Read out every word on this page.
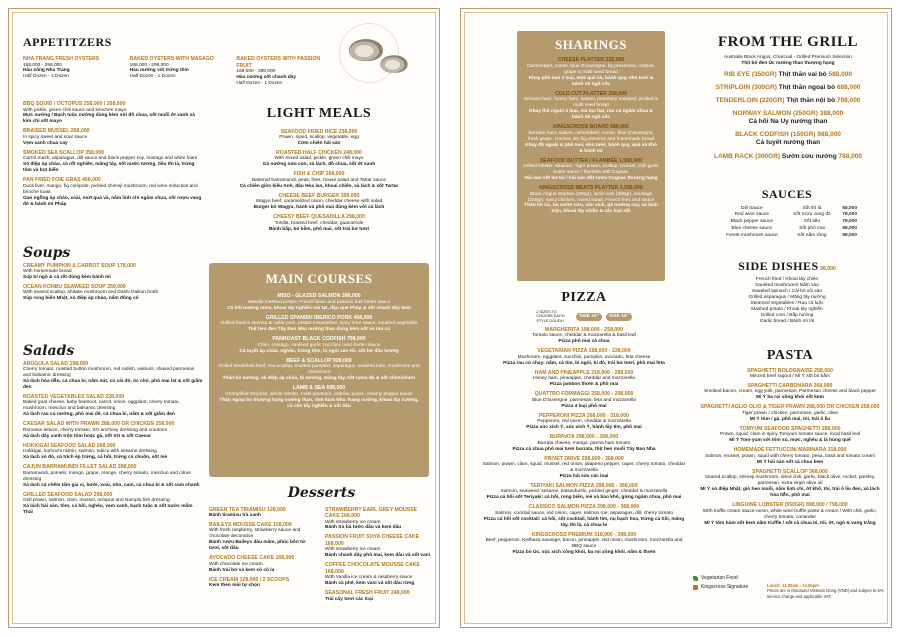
APPETITZERS
NHA TRANG FRESH OYSTERS
168,000 - 298,000
Hàu sống Nha Trang
Half Dozen - 1 Dozen
BAKED OYSTERS WITH MASAGO
168,000 - 298,000
Hàu nướng với trứng tôm
Half Dozen - 1 Dozen
BAKED OYSTERS WITH PASSION FRUIT
168,000 - 298,000
Hàu nướng sốt chanh dây
Half Dozen - 1 Dozen
BBQ SQUID / OCTOPUS 258,000 / 268,000
With pickle, green chili sauce and kimchee mayo
Mực nướng / Bạch tuộc nướng dùng kèm với đồ chua, sốt muối ớt xanh và kim chi sốt mayo
BRAISED MUSSEL 268,000
In spicy sweet and sour sauce
Vẹm xanh chua cay
SMOKED SEA SCALLOP 358,000
Carrot mash, asparagus, dill sauce and black pepper soy, masago and white foam
Sò điệp áp chảo, cà rốt nghiền, măng tây, sốt nước tương, tiêu thì là, trứng tôm và bọt biển
PAN FRIED FOIE GRAS 458,000
Duck liver, mango, fig compote, pickled shimeji mushroom, red wine reduction and brioche toast
Gan ngỗng áp chảo, xoài, mứt quả vả, nấm linh chi ngâm chua, sốt rượu vang đỏ & bánh mì Pháp
LIGHT MEALS
SEAFOOD FRIED RICE 238,000
Prawn, squid, scallop, vegetable, egg
Cơm chiên hải sản
ROASTED HALF CHICKEN 248,000
With mixed salad, pickle, green chili mayo
Gà nướng nửa con, xà lách, đồ chua, sốt ớt xanh
FISH & CHIP 268,000
Battered barramundi, peas, fries, house salad and Tartar sauce
Cá chiên giòn kiểu Anh, đậu Hòa lan, khoai chiên, xà lách & sốt Tartar
CHEESE BEEF BURGER 358,000
Wagyu beef, caramelized onion, cheddar cheese with salad
Burger bò Wagyu, hành và phô mai dùng kèm với xà lách
CHEESY BEEF QUESADILLA 298,000
Tortilla, braised beef, cheddar, guacamole
Bánh bắp, bò bằm, phô mai, sốt trái bơ tươi
Soups
CREAMY PUMPKIN & CARROT SOUP 178,000
With homemade bread
Súp bí ngô & cà rốt dùng kèm bánh mì
OCEAN KONBU SEAWEED SOUP 258,000
With seared scallop, shitake mushroom and Dashi Daikon broth
Súp rong biển Nhật, sò điệp áp chảo, nấm đông cô
Salads
ARUGULA SALAD 198,000
Cherry tomato, roasted button mushroom, red radish, walnuts, shaved parmesan and balsamic dressing
Xà lách hỏa tiễn, cà chua bi, nấm nút, củ cải đỏ, óc chó, phô mai lát & sốt giấm đen
ROASTED VEGETABLES SALAD 228,000
Baked goat cheese, baby beetroot, carrot, onion, eggplant, cherry tomato, mushroom, mesclun and balsamic dressing
Xà lách rau củ nướng, phô mai dê, cà chua bi, nấm & sốt giấm đen
CAESAR SALAD WITH PRAWN 288,000 OR CHICKEN 258,000
Romaine lettuce, cherry tomato, XO anchovy dressing and croutons
Xà lách dây xanh trộn tôm hoặc gà, sốt XO & sốt Caesar
HOKKIGAI SEAFOOD SALAD 268,000
Hokkigai, komochi nishin, salmon, tobico with sesame dressing
Xà lách sò đỏ, cá trích ép trứng, cá hồi, trứng cá chuồn, sốt mè
CAJUN BARRAMUNDI FILLET SALAD 288,000
Barramundi, pomelo, mango, grape, orange, cherry tomato, mesclun and citrus dressing
Xà lách cá chẽm tẩm gia vị, bưởi, xoài, nho, cam, cà chua bi & sốt cam chanh
GRILLED SEAFOOD SALAD 298,000
Grill prawn, salmon, clam, mussel, octopus and Nampla fish dressing
Xà lách hải sản, tôm, cá hồi, nghêu, vẹm xanh, bạch tuộc & sốt nước mắm Thái
MAIN COURSES
MISO - GLAZED SALMON 398,000
Wasabi mashed potato, French bean and passion fruit butter sauce
Cá hồi nướng miso, khoai tây nghiền mù tạt, đậu que Pháp & sốt chanh dây kem
GRILLED SPANISH IBERICO PORK 458,000
Grilled Iberico secreto & collar pork, potato mousseline, spicy sour sauce, sautéed vegetable
Thịt heo đen Tây Ban Nha nướng than dùng kèm sốt và rau củ
PANROAST BLACK CODFISH 798,000
Clam, masago, sautéed garlic zucchini, miso butter sauce
Cá tuyết áp chảo, nghêu, trứng tôm, bí ngòi xào tỏi, sốt bơ đậu tương
BEEF & SCALLOP 928,000
Grilled tenderloin beef, sea scallop, roasted pumpkin, asparagus, sautéed kale, mushroom and chimichurri
Thăn bò nướng, sò điệp áp chảo, bí nướng, măng tây, sốt rượu đỏ & sốt chimichurri
LAMB & SEA 698,000
Chargrilled Striploin, whole lobster, roast potatoes, celeriac puree, creamy pepper sauce
Thăn ngoại bò thượng hạng nướng than, tôm hùm Nha Trang nướng, khoai tây nướng, củ cần tây nghiền & sốt tiêu
Desserts
GREEN TEA TIRAMISU 128,000
Bánh tiramisu trà xanh
BAILEYS MOUSSE CAKE 158,000
With fresh raspberry, strawberry sauce and chocolate decoration
Bánh rượu Baileys dâu mâm, phúc bồn tử tươi, sốt dâu
AVOCADO CHEESE CAKE 168,000
With chocolate ice cream
Bánh trái bơ và kem sô cô la
ICE CREAM 128,000 / 2 SCOOPS
Kem theo mùi tự chọn
STRAWBERRY EARL GREY MOUSSE CAKE 168,000
With strawberry ice cream
Bánh trà bá tước dâu và kem dâu
PASSION FRUIT SOYA CHEESE CAKE 168,000
With strawberry ice cream
Bánh chanh dây phô mai, kem dâu và sốt vani
COFFEE CHOCOLATE MOUSSE CAKE 168,000
With Vanilla ice cream & raspberry sauce
Bánh cà phê, kem vani và sốt dâu rừng
SEASONAL FRESH FRUIT 248,000
Trái cây tươi các loại
SHARINGS
CHEESE PLATTER 328,000
Camembert, comte, blue D'auvergne, fig preserved, cracker, grape & multi seed bread
Khay phô mai 3 loại, mứt quả vả, bánh quy, nho tươi & bánh mì ngũ cốc
COLD CUT PLATTER 358,000
Serrano ham, honey ham, salami, pommery mustard, pickled & multi seed bread
Khay thịt nguội 3 loại, mù tạc hạt, rau củ ngâm chua & bánh mì ngũ cốc
KINGSCROSS BOARD 588,000
Serrano ham, salami, camembert, comte, blue D'auvergne, fresh grape, cracker, dry fig preserve and homemade bread
Khay đồ nguội & phô mai, nho tươi, bánh quy, quả vả khô & bánh mì
SEAFOOD BUTTER / FLAMBÉE 1,588,000
Grilled lobster, abalone, Tiger prawn, scallop, mussel, chili garlic butter sauce / flambée with Cognac
Hải sản sốt bơ tỏi / hải sản đốt rượu Cognac thượng hạng
KINGSCROSS MEATS PLATTER 1,598,000
Black Angus striploin (300gr), lamb rack (300gr), sausage (200gr), spicy chicken, mixed salad, French fries and sauce
Thăn bò Úc, ba sườn cừu, xúc xích, gà nướng cay, xà lách trộn, khoai tây chiên & các loại sốt
PIZZA
2 SIZES TO CHOOSE EACH STYLE DOUGH
SIZE 10"	SIZE 14"
MARGHERITA 198,000 - 258,000
Tomato sauce, cheddar & mozzarella & basil leaf
Pizza phô mai cà chua
VEGETARIAN PIZZA 198,000 - 238,000
Mushroom, eggplant, zucchini, pumpkin, avocado, feta cheese
Pizza rau củ chay: nấm, cà tím, bí ngòi, bí đỏ, trái bơ tươi, phô mai feta
HAM AND PINEAPPLE 218,000 - 298,000
Honey ham, pineapple, cheddar and mozzarella
Pizza jambon thơm & phô mai
QUATTRO FORMAGGI 258,000 - 298,000
Blue D'auvergne, parmesan, feta and mozzarella
Pizza 4 loại phô mai
PEPPERONI PIZZA 268,000 - 318,000
Pepperoni, red onion, cheddar & mozzarella
Pizza xúc xích Ý, xúc xích Ý, hành tây tím, phô mai
BURRATA 298,000 - 368,000
Burrata cheese, mango, parma ham tomato
Pizza cà chua phô mai tươi burrata, thịt heo muối Tây Ban Nha
PRIVET DRIVE 298,000 - 368,000
Salmon, prawn, clam, squid, mussel, red onion, jalapeno pepper, caper, cherry tomato, cheddar & mozzarella
Pizza hải sản các loại
TERIYAKI SALMON PIZZA 288,000 - 368,000
Salmon, seaweed, sesame, katsuobushi, pickled ginger, cheddar & mozzarella
Pizza cá hồi sốt Teriyaki: cá hồi, rong biển, mè và bào khô, gừng ngâm chua, phô mai
CLASSICO SALMON PIZZA 298,000 - 368,000
Salmon, cocktail sauce, red onion, caper, salmon roe, asparagus, dill, cherry tomato
Pizza cá hồi sốt cocktail: cá hồi, sốt cocktail, hành tím, nụ bạch hoa, trứng cá hồi, măng tây, thì là, cà chua bi
KINGSCROSS PREMIUM 318,000 - 398,000
Beef, pepperoni, Kielbasa sausage, bacon, pineapple, red onion, mushroom, mozzarella and BBQ sauce
Pizza bò Úc, xúc xích xông khói, ba rọi xông khói, nấm & thơm
Vegetarian Food
Kingscross Signature
FROM THE GRILL
Australia Black Angus, Charcoal - Grilled Premium Selection
Thịt bò đen Úc nướng than thượng hạng
RIB EYE (350GR) Thịt thăn vai bò 588,000
STRIPLOIN (300GR) Thịt thăn ngoại bò 688,000
TENDERLOIN (220GR) Thịt thăn nội bò 798,000
NORWAY SALMON (250GR) 388,000
Cá hồi Na Uy nướng than
BLACK CODFISH (150GR) 988,000
Cá tuyết nướng than
LAMB RACK (300GR) Sườn cừu nướng 788,000
SAUCES
Dill Sauce	Sốt thì là	58,000
Red wine sauce	Sốt rượu vang đỏ	78,000
Black pepper sauce	Sốt tiêu	78,000
Blue cheese sauce	Sốt phô mai	98,000
Forest mushroom sauce	Sốt nấm rừng	98,000
SIDE DISHES 98,000
French fried / Khoai tây chiên
Sautéed mushroom/ Nấm xào
Sautéed spinach / Cải bó xôi xào
Grilled asparagus / Măng tây nướng
Steamed vegetables / Rau củ luộc
Mashed potato / Khoai tây nghiền
Grilled corn / Bắp nướng
Garlic bread / Bánh mì tỏi
PASTA
SPAGHETTI BOLOGNAISE 258,000
Minced beef ragout / Mì Ý sốt bò bằm
SPAGHETTI CARBONARA 268,000
Smoked bacon, cream, egg yolk, parmesan, Parmesan cheese and black pepper
Mì Ý ba rọi xông khói sốt kem
SPAGHETTI AGLIO OLIO & TIGER PRAWN 288,000 OR CHICKEN 258,000
Tiger prawn / chicken, parmesan, garlic, olive
Mì Ý tôm / gà, phô mai, tỏi, trái ô liu
TOMYUM SEAFOOD SPAGHETTI 288,000
Prawn, squid, clam in spicy Tomyum tomato sauce, local basil leaf
Mì Ý Tom-yum với tôm sú, mực, nghêu & lá húng quế
HOMEMADE FETTUCCINI MARINARA 318,000
Salmon, mussel, prawn, squid with cherry tomato, pesa, basil and tomato cream
Mì Ý hải sản sốt cà chua kem
SPAGHETTI SCALLOP 368,000
Seared scallop, shimeji mushroom, dried chili, garlic, black olive, rocket, parsley, parmesan, extra virgin olive oil
Mì Ý sò điệp Nhật, giò heo muối, nấm linh chi, ớt khô, tỏi, trái ô liu đen, xà lách hỏa tiễn, phô mai
LINGUINE LOBSTER (550GR) 898,000 / 798,000
With truffle cream sauce-onion, white wine truffle paste & cream / With chili, garlic, cherry tomato, coriander
Mì Ý tôm hùm sốt kem nấm truffle / sốt cà chua bi, tỏi, ớt, ngò & vang trắng
Lunch: 11.00am - 14.00pm
Prices are in thousand Vietnam Dong (VND) and subject to 5% service charge and applicable VAT.
